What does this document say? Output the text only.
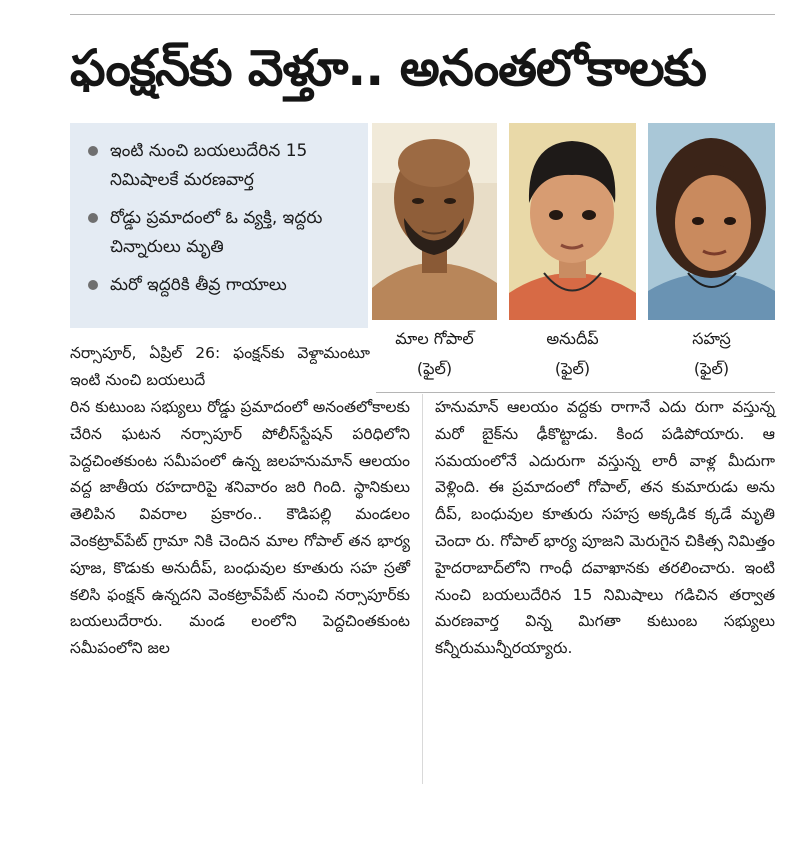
ఫంక్షన్‌కు వెళ్తూ.. అనంతలోకాలకు
ఇంటి నుంచి బయలుదేరిన 15 నిమిషాలకే మరణవార్త
రోడ్డు ప్రమాదంలో ఓ వ్యక్తి, ఇద్దరు చిన్నారులు మృతి
మరో ఇద్దరికి తీవ్ర గాయాలు
మాల గోపాల్
(ఫైల్)
అనుదీప్
(ఫైల్)
సహస్ర
(ఫైల్)

నర్సాపూర్, ఏప్రిల్ 26: ఫంక్షన్‌కు వెళ్దామంటూ ఇంటి నుంచి బయలుదే

రిన కుటుంబ సభ్యులు రోడ్డు ప్రమాదంలో అనంతలోకాలకు చేరిన ఘటన నర్సాపూర్ పోలీస్‌స్టేషన్ పరిధిలోని పెద్దచింతకుంట సమీపంలో ఉన్న జలహనుమాన్ ఆలయం వద్ద జాతీయ రహదారిపై శనివారం జరి గింది. స్థానికులు తెలిపిన వివరాల ప్రకారం.. కౌడిపల్లి మండలం వెంకట్రావ్‌పేట్ గ్రామా నికి చెందిన మాల గోపాల్ తన భార్య పూజ, కొడుకు అనుదీప్, బంధువుల కూతురు సహ స్రతో కలిసి ఫంక్షన్ ఉన్నదని వెంకట్రావ్‌పేట్ నుంచి నర్సాపూర్‌కు బయలుదేరారు. మండ లంలోని పెద్దచింతకుంట సమీపంలోని జల

హనుమాన్ ఆలయం వద్దకు రాగానే ఎదు రుగా వస్తున్న మరో బైక్‌ను ఢీకొట్టాడు. కింద పడిపోయారు. ఆ సమయంలోనే ఎదురుగా వస్తున్న లారీ వాళ్ల మీదుగా వెళ్లింది. ఈ ప్రమాదంలో గోపాల్, తన కుమారుడు అను దీప్, బంధువుల కూతురు సహస్ర అక్కడిక క్కడే మృతి చెందా రు. గోపాల్ భార్య పూజని మెరుగైన చికిత్స నిమిత్తం హైదరాబాద్‌లోని గాంధీ దవాఖానకు తరలించారు. ఇంటి నుంచి బయలుదేరిన 15 నిమిషాలు గడిచిన తర్వాత మరణవార్త విన్న మిగతా కుటుంబ సభ్యులు కన్నీరుమున్నీరయ్యారు.
